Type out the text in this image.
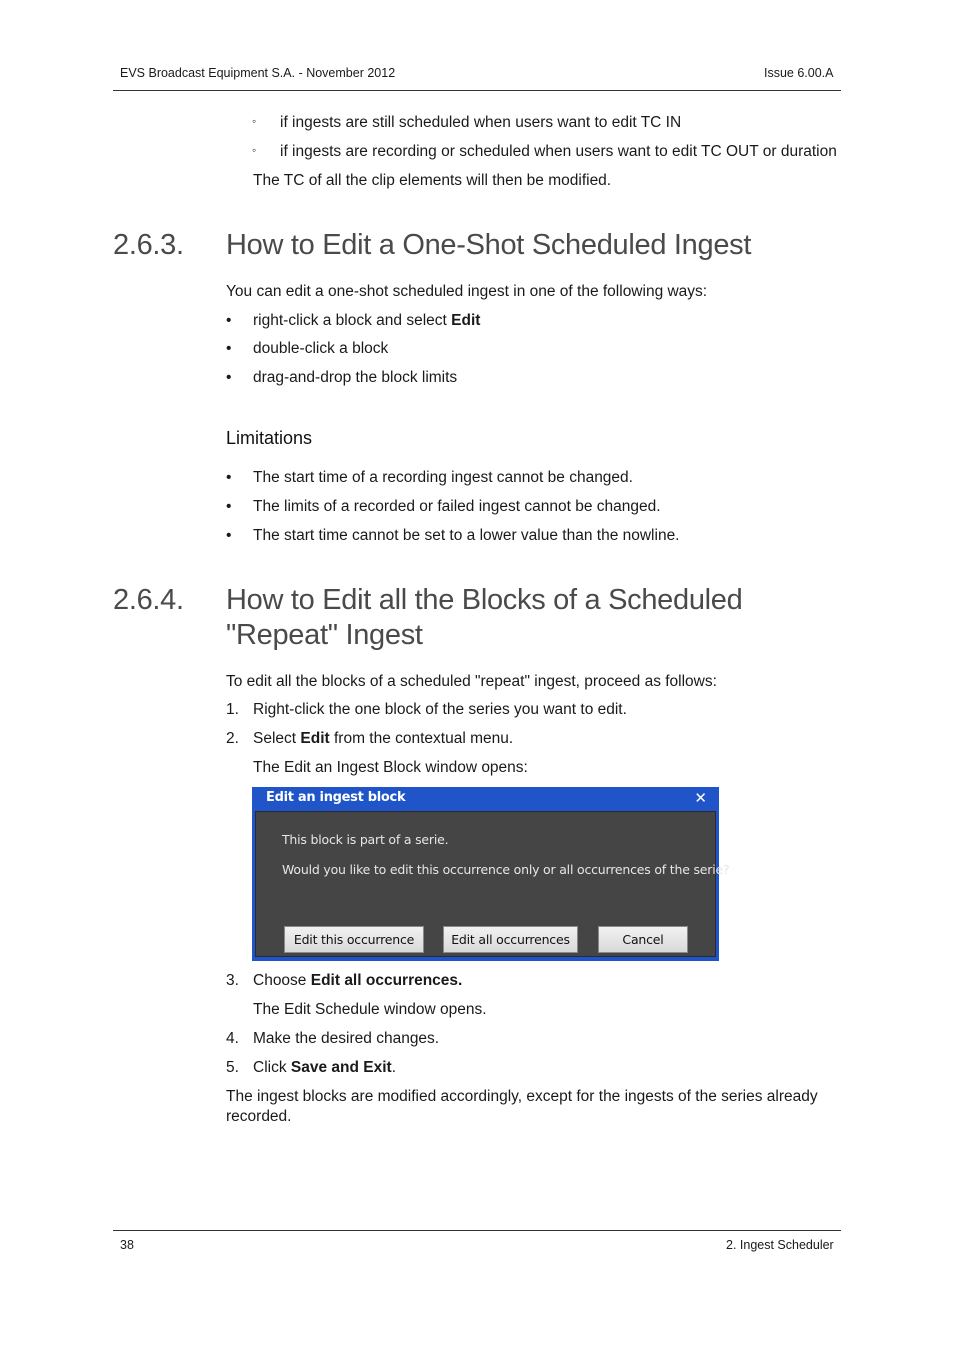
EVS Broadcast Equipment S.A. - November 2012	Issue 6.00.A
◦ if ingests are still scheduled when users want to edit TC IN
◦ if ingests are recording or scheduled when users want to edit TC OUT or duration
The TC of all the clip elements will then be modified.
2.6.3. How to Edit a One-Shot Scheduled Ingest
You can edit a one-shot scheduled ingest in one of the following ways:
• right-click a block and select Edit
• double-click a block
• drag-and-drop the block limits
Limitations
• The start time of a recording ingest cannot be changed.
• The limits of a recorded or failed ingest cannot be changed.
• The start time cannot be set to a lower value than the nowline.
2.6.4. How to Edit all the Blocks of a Scheduled
"Repeat" Ingest
To edit all the blocks of a scheduled "repeat" ingest, proceed as follows:
1. Right-click the one block of the series you want to edit.
2. Select Edit from the contextual menu.
The Edit an Ingest Block window opens:
Edit an ingest block	✕
This block is part of a serie.
Would you like to edit this occurrence only or all occurrences of the serie?
Edit this occurrence	Edit all occurrences	Cancel
3. Choose Edit all occurrences.
The Edit Schedule window opens.
4. Make the desired changes.
5. Click Save and Exit.
The ingest blocks are modified accordingly, except for the ingests of the series already
recorded.
38	2. Ingest Scheduler
